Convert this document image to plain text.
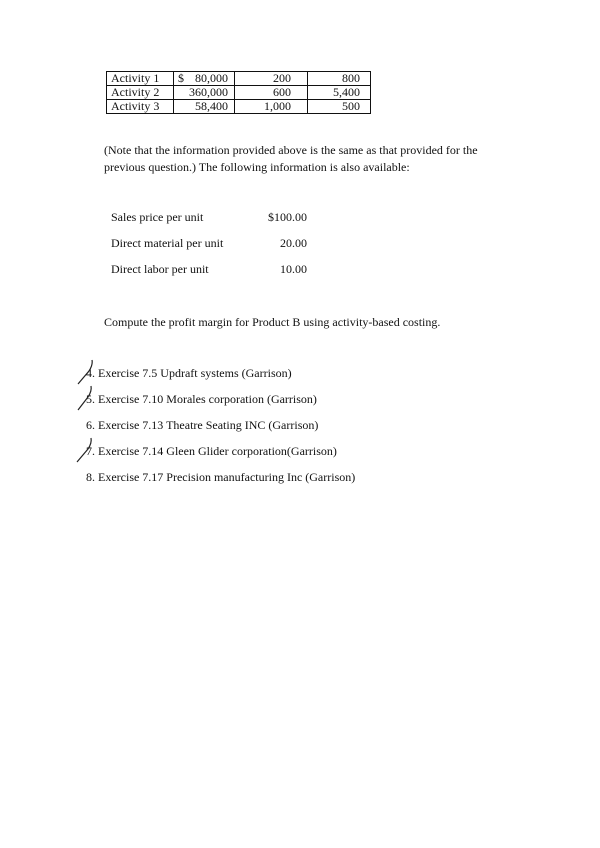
Activity 1	$ 80,000	200	800
Activity 2	360,000	600	5,400
Activity 3	58,400	1,000	500
(Note that the information provided above is the same as that provided for the previous question.) The following information is also available:
Sales price per unit	$100.00
Direct material per unit	20.00
Direct labor per unit	10.00
Compute the profit margin for Product B using activity-based costing.
4. Exercise 7.5 Updraft systems (Garrison)
5. Exercise 7.10 Morales corporation (Garrison)
6. Exercise 7.13 Theatre Seating INC (Garrison)
7. Exercise 7.14 Gleen Glider corporation(Garrison)
8. Exercise 7.17 Precision manufacturing Inc (Garrison)
